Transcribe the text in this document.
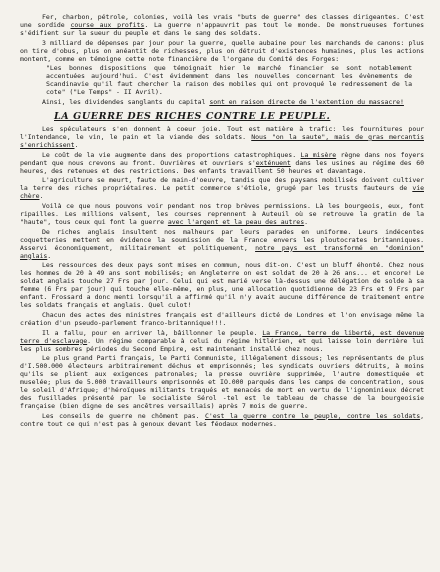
Fer, charbon, pétrole, colonies, voilà les vrais "buts de guerre" des classes dirigeantes. C'est une sordide course aux profits. La guerre n'appauvrit pas tout le monde. De monstrueuses fortunes s'édifient sur la sueur du peuple et dans le sang des soldats.

3 milliard de dépenses par jour pour la guerre, quelle aubaine pour les marchands de canons: plus on tire d'obus, plus on anéantit de richesses, plus on détruit d'existences humaines, plus les actions montent, comme en témoigne cette note financière de l'organe du Comité des Forges:

"Les bonnes dispositions que témoignait hier le marché financier se sont notablement accentuées aujourd'hui. C'est évidemment dans les nouvelles concernant les évènements de Scandinavie qu'il faut chercher la raison des mobiles qui ont provoqué le redressement de la cote" ("Le Temps" - II Avril).

Ainsi, les dividendes sanglants du capital sont en raison directe de l'extention du massacre!

LA GUERRE DES RICHES CONTRE LE PEUPLE.

Les spéculateurs s'en donnent à coeur joie. Tout est matière à trafic: les fournitures pour l'Intendance, le vin, le pain et la viande des soldats. Nous "on la saute", mais de gras mercantis s'enrichissent.

Le coût de la vie augmente dans des proportions catastrophiques. La misère règne dans nos foyers pendant que nous crevons au front. Ouvrières et ouvriers s'exténuent dans les usines au régime des 60 heures, des retenues et des restrictions. Des enfants travaillent 50 heures et davantage.

L'agriculture se meurt, faute de main-d'oeuvre, tandis que des paysans mobilisés doivent cultiver la terre des riches propriétaires. Le petit commerce s'étiole, grugé par les trusts fauteurs de vie chère.

Voilà ce que nous pouvons voir pendant nos trop brèves permissions. Là les bourgeois, eux, font ripailles. Les millions valsent, les courses reprennent à Auteuil où se retrouve la gratin de la "haute", tous ceux qui font la guerre avec l'argent et la peau des autres.

De riches anglais insultent nos malheurs par leurs parades en uniforme. Leurs indécentes coquetteries mettent en évidence la soumission de la France envers les ploutocrates britanniques. Asservi économiquement, militairement et politiquement, notre pays est transformé en "dominion" anglais.

Les ressources des deux pays sont mises en commun, nous dit-on. C'est un bluff éhonté. Chez nous les hommes de 20 à 49 ans sont mobilisés; en Angleterre on est soldat de 20 à 26 ans... et encore! Le soldat anglais touche 27 Frs par jour. Celui qui est marié verse là-dessus une délégation de solde à sa femme (6 Frs par jour) qui touche elle-même, en plus, une allocation quotidienne de 23 Frs et 9 Frs par enfant. Frossard a donc menti lorsqu'il a affirmé qu'il n'y avait aucune différence de traitement entre les soldats français et anglais. Quel culot!

Chacun des actes des ministres français est d'ailleurs dicté de Londres et l'on envisage même la création d'un pseudo-parlement franco-britannique!!!.

Il a fallu, pour en arriver là, bâillonner le peuple. La France, terre de liberté, est devenue terre d'esclavage. Un régime comparable à celui du régime hitlérien, et qui laisse loin derrière lui les plus sombres périodes du Second Empire, est maintenant installé chez nous.

Le plus grand Parti français, le Parti Communiste, illégalement dissous; les représentants de plus d'I.500.000 électeurs arbitrairement déchus et emprisonnés; les syndicats ouvriers détruits, à moins qu'ils se plient aux exigences patronales; la presse ouvrière supprimée, l'autre domestiquée et muselée; plus de 5.000 travailleurs emprisonnés et IO.000 parqués dans les camps de concentration, sous le soleil d'Afrique; d'héroïques militants traqués et menacés de mort en vertu de l'ignominieux décret des fusillades présenté par le socialiste Sérol -tel est le tableau de chasse de la bourgeoisie française (bien digne de ses ancêtres versaillais) après 7 mois de guerre.

Les conseils de guerre ne chôment pas. C'est la guerre contre le peuple, contre les soldats, contre tout ce qui n'est pas à genoux devant les féodaux modernes.
